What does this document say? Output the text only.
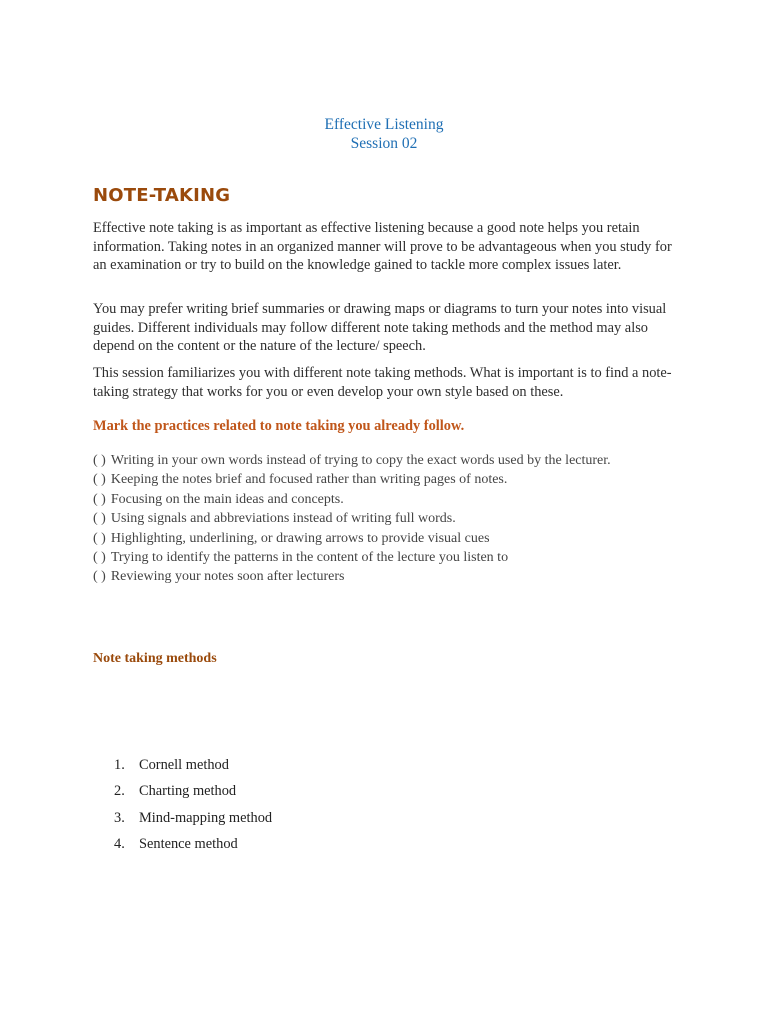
Effective Listening
Session 02
NOTE-TAKING

Effective note taking is as important as effective listening because a good note helps you retain information. Taking notes in an organized manner will prove to be advantageous when you study for an examination or try to build on the knowledge gained to tackle more complex issues later.

You may prefer writing brief summaries or drawing maps or diagrams to turn your notes into visual guides. Different individuals may follow different note taking methods and the method may also depend on the content or the nature of the lecture/ speech.

This session familiarizes you with different note taking methods. What is important is to find a note-taking strategy that works for you or even develop your own style based on these.

Mark the practices related to note taking you already follow.
( ) Writing in your own words instead of trying to copy the exact words used by the lecturer.
( ) Keeping the notes brief and focused rather than writing pages of notes.
( ) Focusing on the main ideas and concepts.
( ) Using signals and abbreviations instead of writing full words.
( ) Highlighting, underlining, or drawing arrows to provide visual cues
( ) Trying to identify the patterns in the content of the lecture you listen to
( ) Reviewing your notes soon after lecturers
Note taking methods
1. Cornell method
2. Charting method
3. Mind-mapping method
4. Sentence method
